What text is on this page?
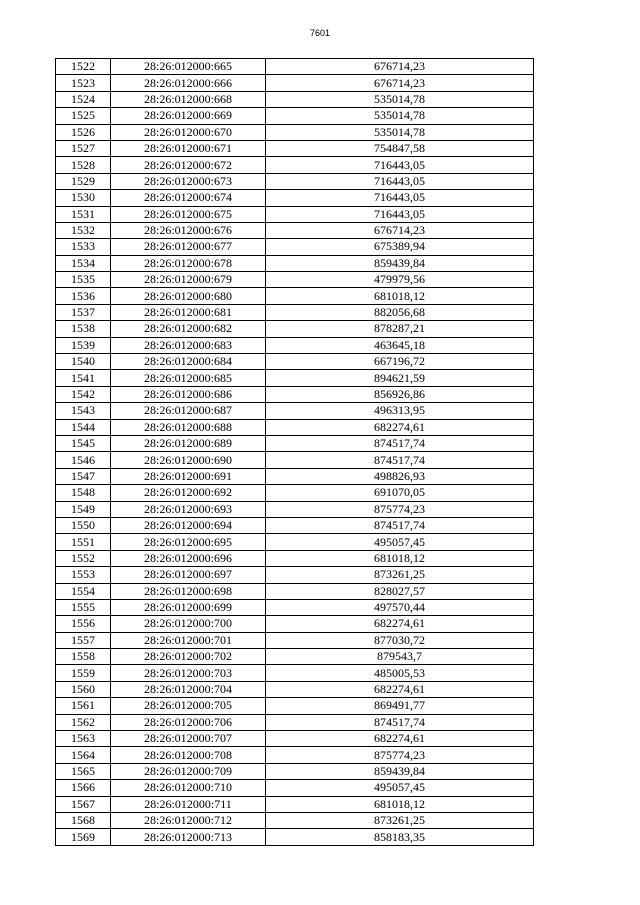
7601
1522	28:26:012000:665	676714,23
1523	28:26:012000:666	676714,23
1524	28:26:012000:668	535014,78
1525	28:26:012000:669	535014,78
1526	28:26:012000:670	535014,78
1527	28:26:012000:671	754847,58
1528	28:26:012000:672	716443,05
1529	28:26:012000:673	716443,05
1530	28:26:012000:674	716443,05
1531	28:26:012000:675	716443,05
1532	28:26:012000:676	676714,23
1533	28:26:012000:677	675389,94
1534	28:26:012000:678	859439,84
1535	28:26:012000:679	479979,56
1536	28:26:012000:680	681018,12
1537	28:26:012000:681	882056,68
1538	28:26:012000:682	878287,21
1539	28:26:012000:683	463645,18
1540	28:26:012000:684	667196,72
1541	28:26:012000:685	894621,59
1542	28:26:012000:686	856926,86
1543	28:26:012000:687	496313,95
1544	28:26:012000:688	682274,61
1545	28:26:012000:689	874517,74
1546	28:26:012000:690	874517,74
1547	28:26:012000:691	498826,93
1548	28:26:012000:692	691070,05
1549	28:26:012000:693	875774,23
1550	28:26:012000:694	874517,74
1551	28:26:012000:695	495057,45
1552	28:26:012000:696	681018,12
1553	28:26:012000:697	873261,25
1554	28:26:012000:698	828027,57
1555	28:26:012000:699	497570,44
1556	28:26:012000:700	682274,61
1557	28:26:012000:701	877030,72
1558	28:26:012000:702	879543,7
1559	28:26:012000:703	485005,53
1560	28:26:012000:704	682274,61
1561	28:26:012000:705	869491,77
1562	28:26:012000:706	874517,74
1563	28:26:012000:707	682274,61
1564	28:26:012000:708	875774,23
1565	28:26:012000:709	859439,84
1566	28:26:012000:710	495057,45
1567	28:26:012000:711	681018,12
1568	28:26:012000:712	873261,25
1569	28:26:012000:713	858183,35
